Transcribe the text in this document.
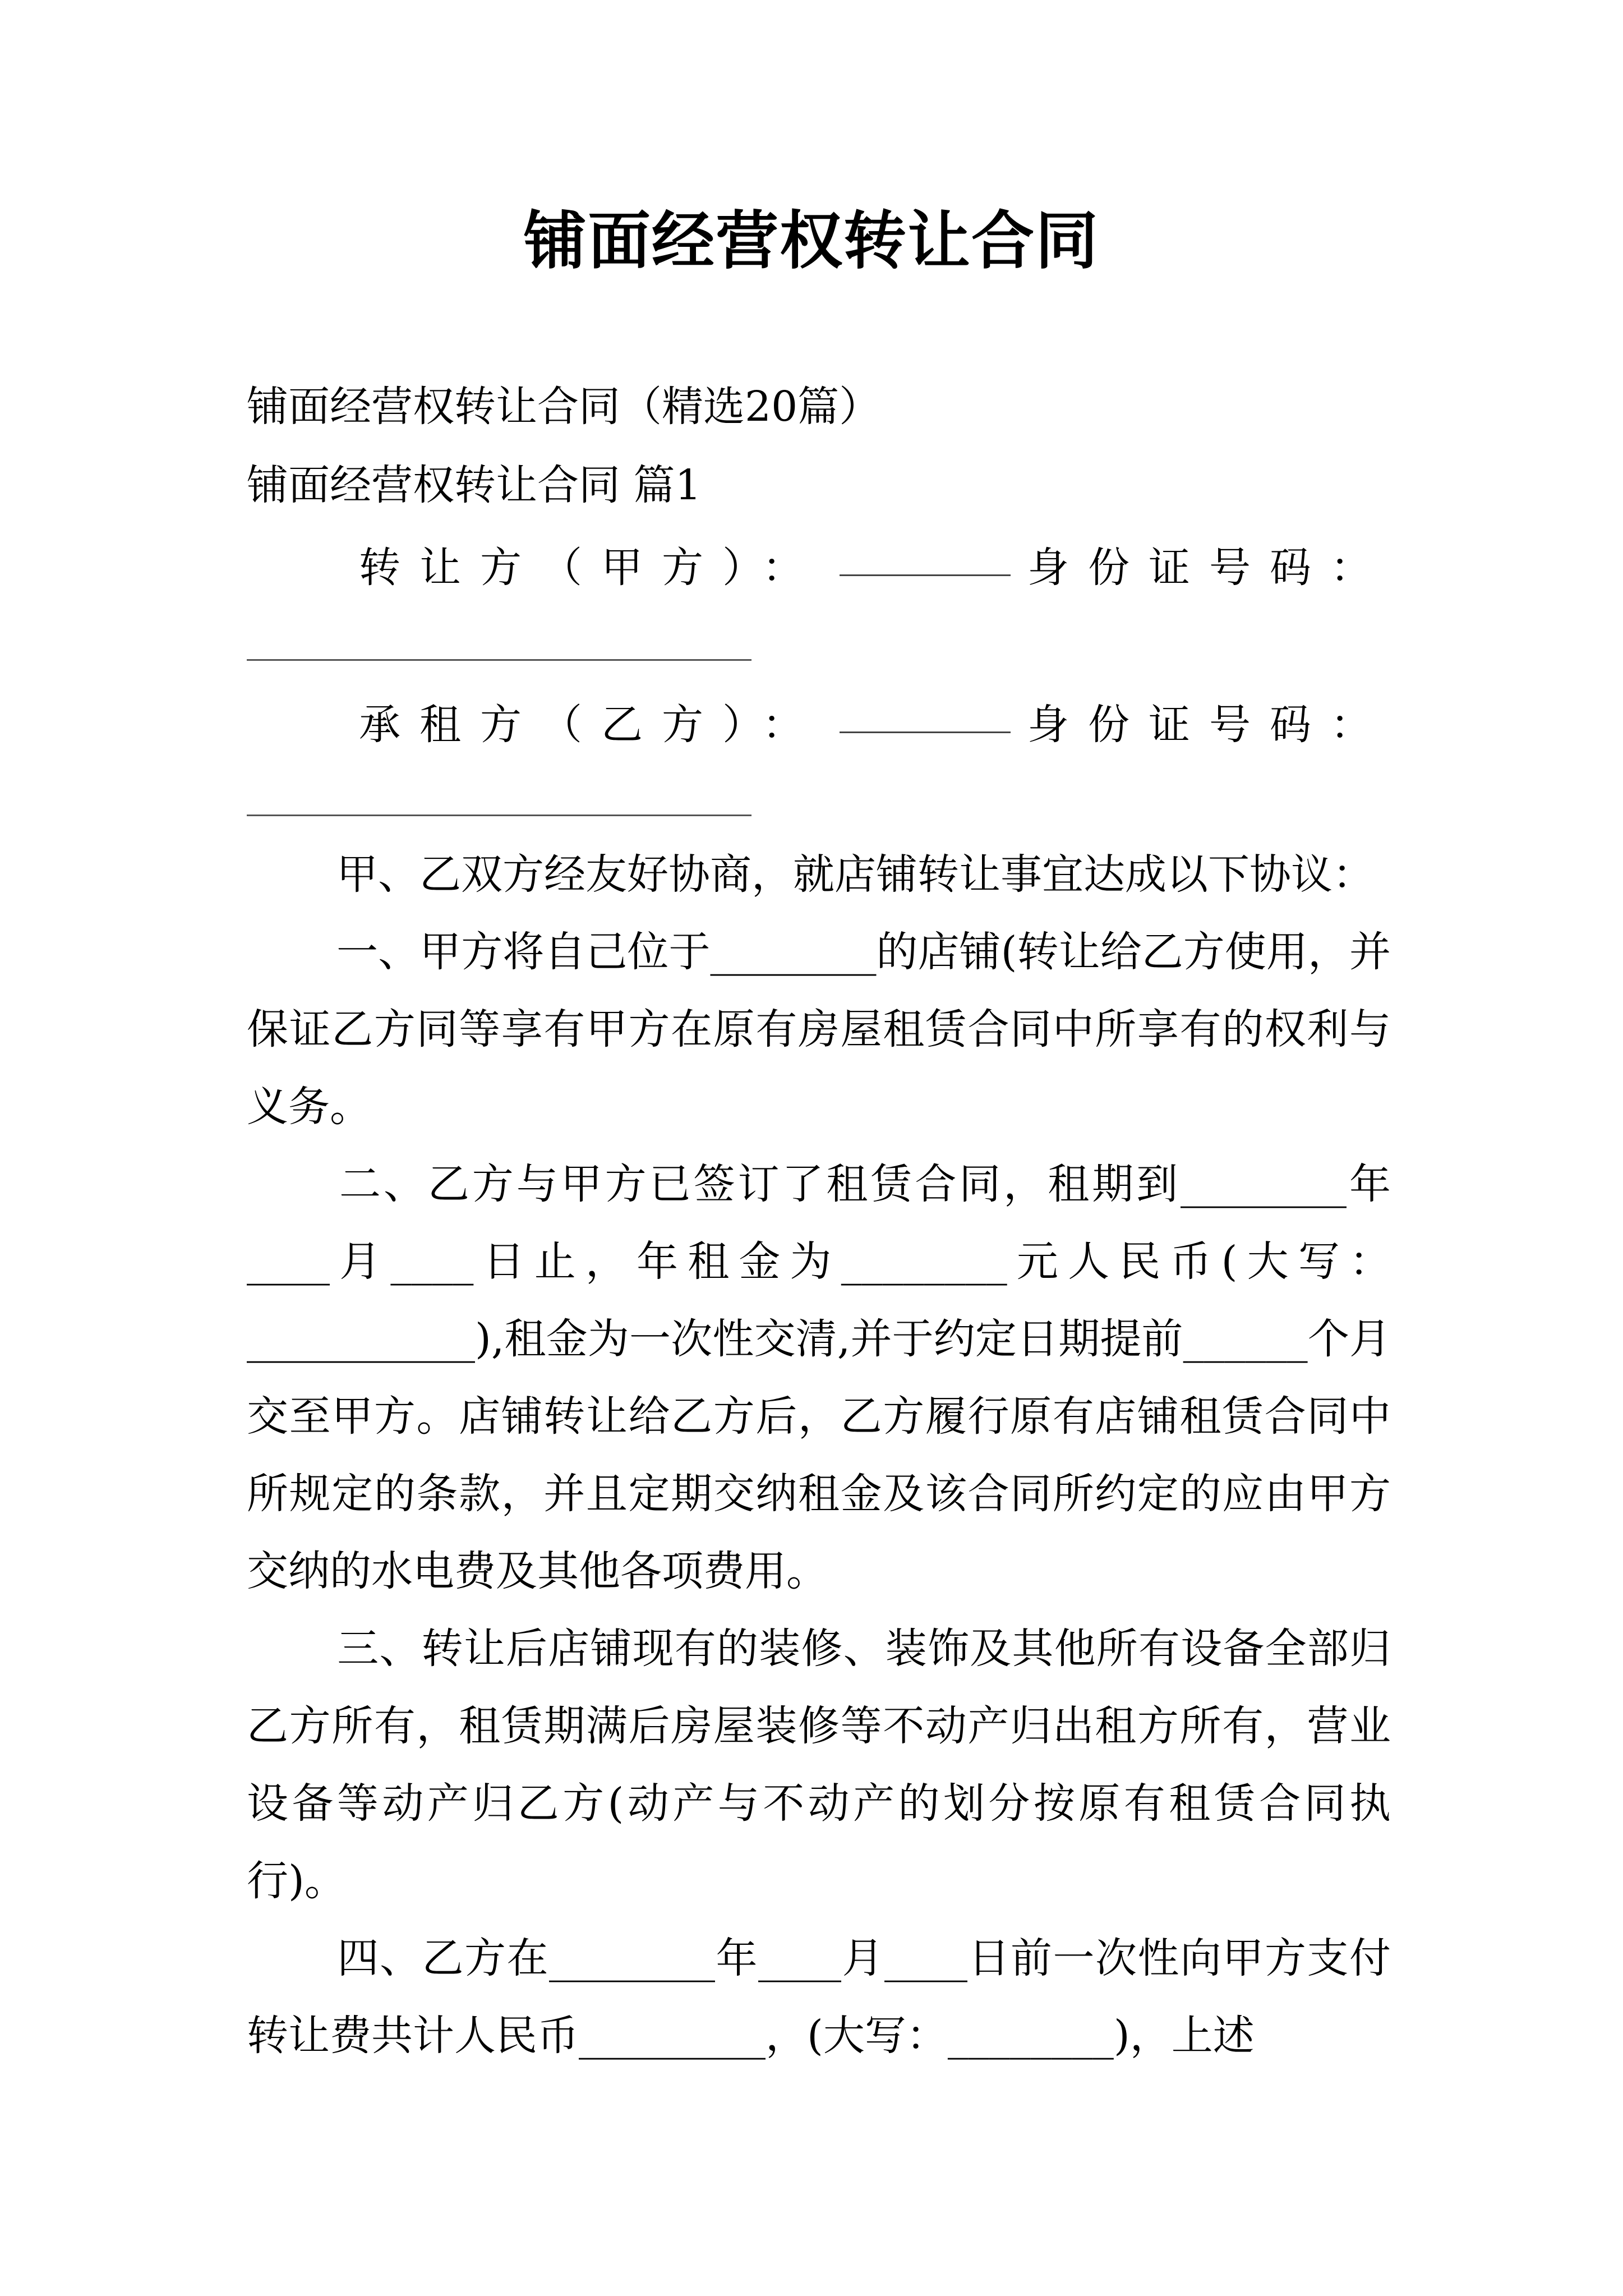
铺面经营权转让合同
铺面经营权转让合同（精选20篇）
铺面经营权转让合同 篇1
转让方（甲方）：	身份证号码：
承租方（乙方）：	身份证号码：
甲、乙双方经友好协商，就店铺转让事宜达成以下协议：
一、甲方将自己位于________的店铺(转让给乙方使用，并保证乙方同等享有甲方在原有房屋租赁合同中所享有的权利与义务。
二、乙方与甲方已签订了租赁合同，租期到________年____月____日止，年租金为________元人民币(大写：___________),租金为一次性交清,并于约定日期提前______个月交至甲方。店铺转让给乙方后，乙方履行原有店铺租赁合同中所规定的条款，并且定期交纳租金及该合同所约定的应由甲方交纳的水电费及其他各项费用。
三、转让后店铺现有的装修、装饰及其他所有设备全部归乙方所有，租赁期满后房屋装修等不动产归出租方所有，营业设备等动产归乙方(动产与不动产的划分按原有租赁合同执行)。
四、乙方在________年____月____日前一次性向甲方支付转让费共计人民币_________，(大写：________)，上述
